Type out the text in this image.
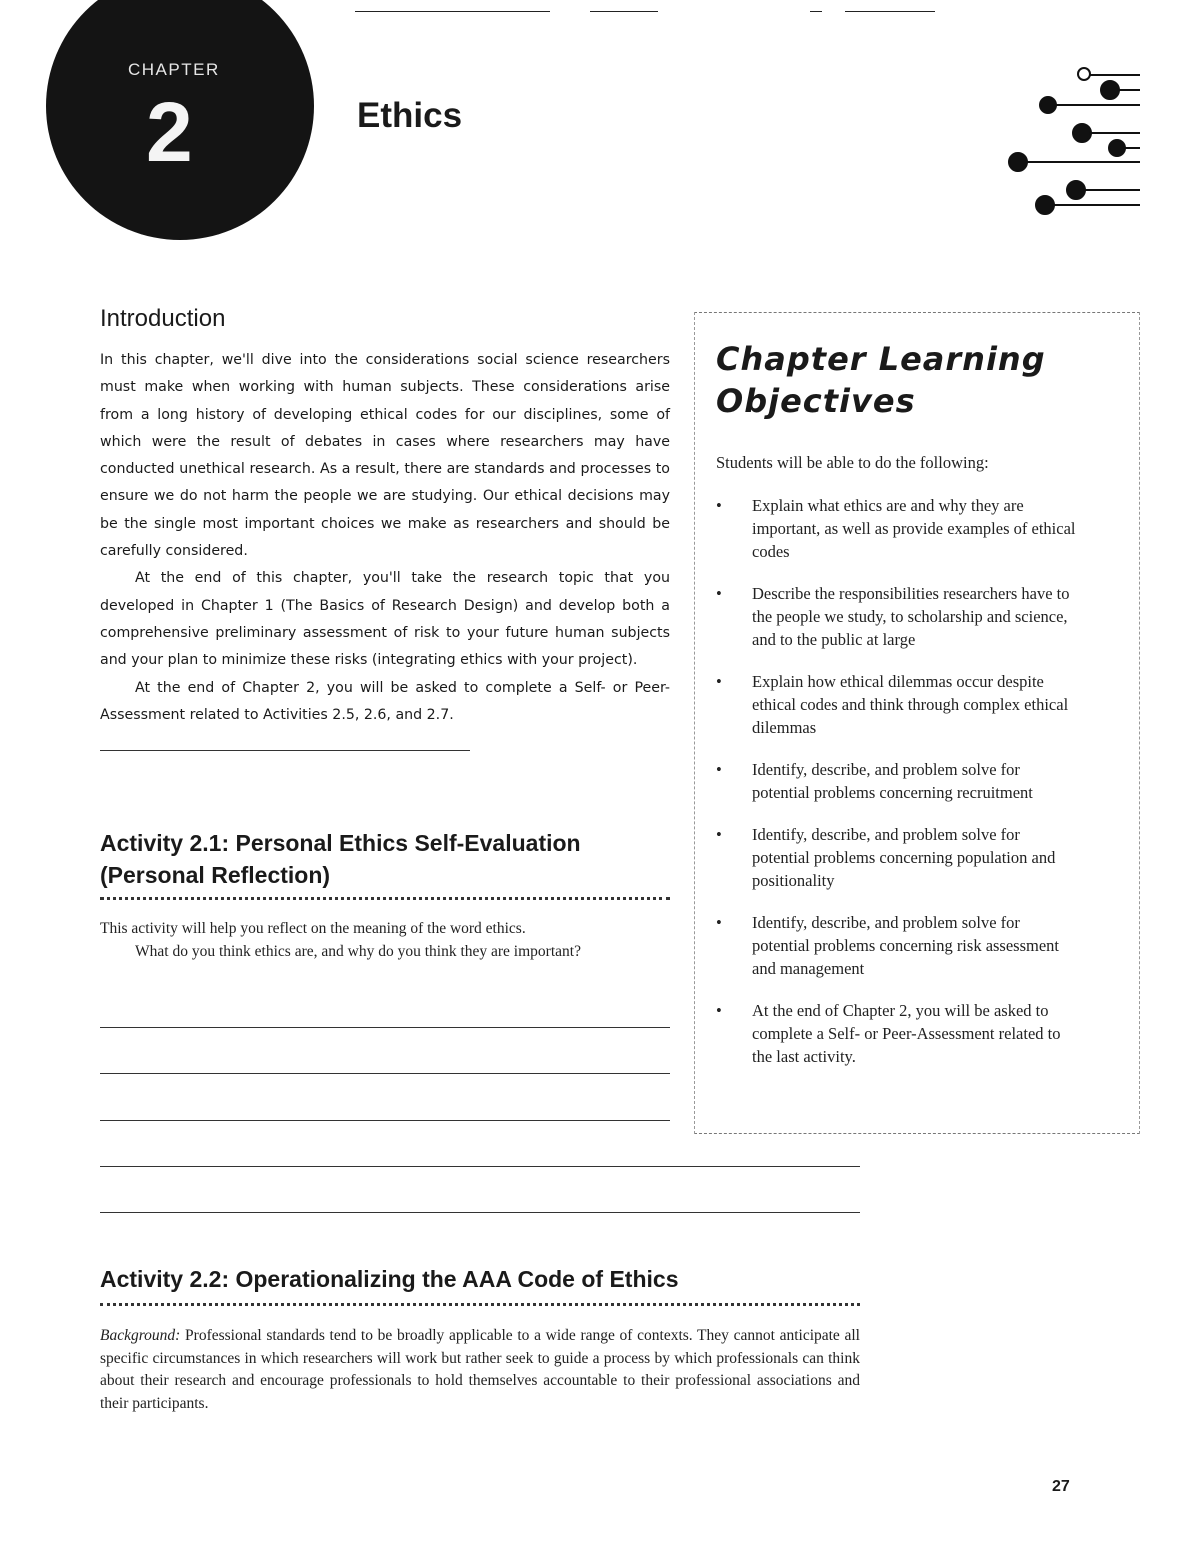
CHAPTER
2	Ethics
Introduction

In this chapter, we'll dive into the considerations social science researchers must make when working with human subjects. These considerations arise from a long history of developing ethical codes for our disciplines, some of which were the result of debates in cases where researchers may have conducted unethical research. As a result, there are standards and processes to ensure we do not harm the people we are studying. Our ethical decisions may be the single most important choices we make as researchers and should be carefully considered.

At the end of this chapter, you'll take the research topic that you developed in Chapter 1 (The Basics of Research Design) and develop both a comprehensive preliminary assessment of risk to your future human subjects and your plan to minimize these risks (integrating ethics with your project).

At the end of Chapter 2, you will be asked to complete a Self- or Peer-Assessment related to Activities 2.5, 2.6, and 2.7.

Activity 2.1: Personal Ethics Self-Evaluation (Personal Reflection)

This activity will help you reflect on the meaning of the word ethics.

What do you think ethics are, and why do you think they are important?

Activity 2.2: Operationalizing the AAA Code of Ethics

Background: Professional standards tend to be broadly applicable to a wide range of contexts. They cannot anticipate all specific circumstances in which researchers will work but rather seek to guide a process by which professionals can think about their research and encourage professionals to hold themselves accountable to their professional associations and their participants.

Chapter Learning Objectives

Students will be able to do the following:

• Explain what ethics are and why they are important, as well as provide examples of ethical codes
• Describe the responsibilities researchers have to the people we study, to scholarship and science, and to the public at large
• Explain how ethical dilemmas occur despite ethical codes and think through complex ethical dilemmas
• Identify, describe, and problem solve for potential problems concerning recruitment
• Identify, describe, and problem solve for potential problems concerning population and positionality
• Identify, describe, and problem solve for potential problems concerning risk assessment and management
• At the end of Chapter 2, you will be asked to complete a Self- or Peer-Assessment related to the last activity.
27
